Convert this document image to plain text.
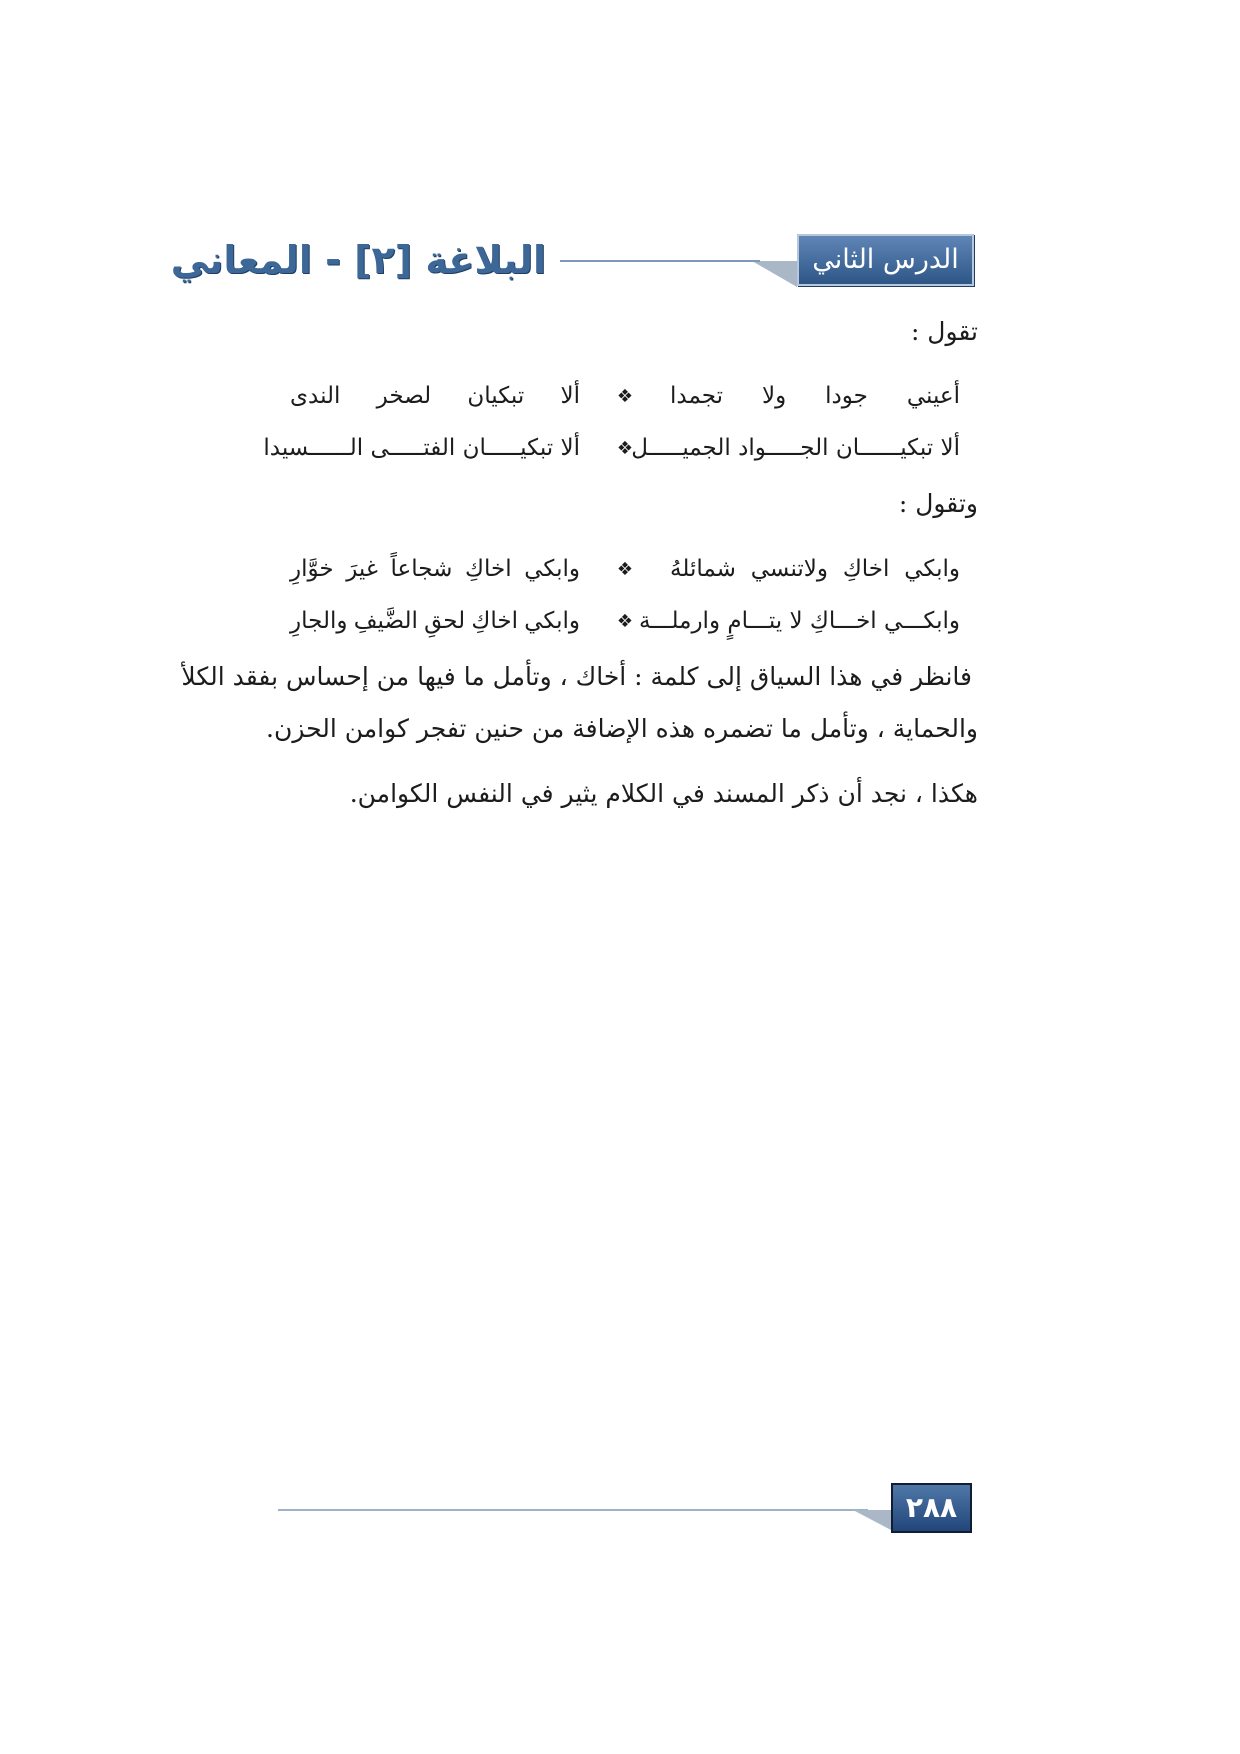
الدرس الثاني عشر
البلاغة [٢] - المعاني
تقول :
أعيني
جودا
ولا
تجمدا
❖
ألا
تبكيان
لصخر
الندى
ألا تبكيــــــان الجـــــواد الجميـــــل
❖
ألا تبكيـــــان الفتـــــى الــــــسيدا
وتقول :
وابكي
اخاكِ
ولاتنسي
شمائلهُ
❖
وابكي
اخاكِ
شجاعاً
غيرَ
خوَّارِ
وابكـــي اخـــاكِ لا يتـــامٍ وارملـــة
❖
وابكي
اخاكِ
لحقِ
الضَّيفِ
والجارِ
فانظر في هذا السياق إلى كلمة : أخاك ، وتأمل ما فيها من إحساس بفقد الكلأ
والحماية ، وتأمل ما تضمره هذه الإضافة من حنين تفجر كوامن الحزن.
هكذا ، نجد أن ذكر المسند في الكلام يثير في النفس الكوامن.
٢٨٨
